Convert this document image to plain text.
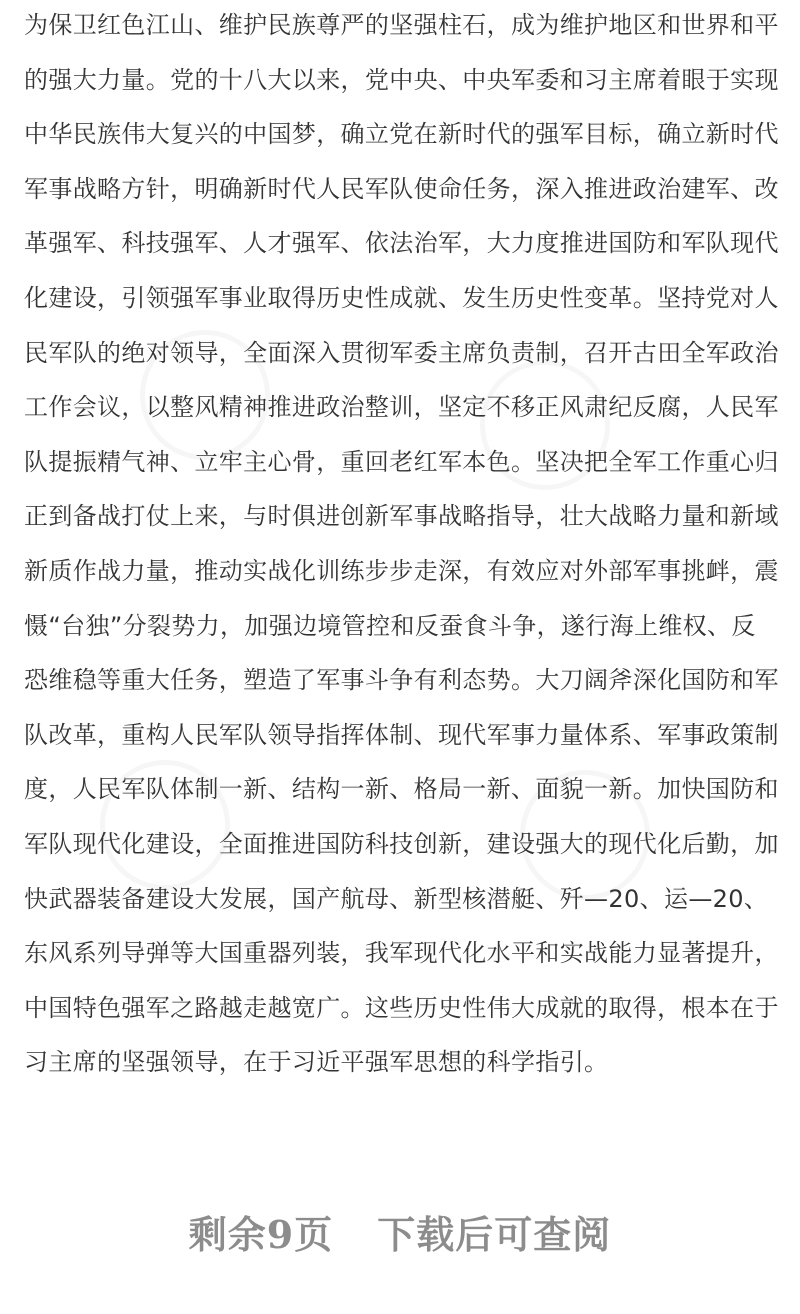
为保卫红色江山、维护民族尊严的坚强柱石，成为维护地区和世界和平
的强大力量。党的十八大以来，党中央、中央军委和习主席着眼于实现
中华民族伟大复兴的中国梦，确立党在新时代的强军目标，确立新时代
军事战略方针，明确新时代人民军队使命任务，深入推进政治建军、改
革强军、科技强军、人才强军、依法治军，大力度推进国防和军队现代
化建设，引领强军事业取得历史性成就、发生历史性变革。坚持党对人
民军队的绝对领导，全面深入贯彻军委主席负责制，召开古田全军政治
工作会议，以整风精神推进政治整训，坚定不移正风肃纪反腐，人民军
队提振精气神、立牢主心骨，重回老红军本色。坚决把全军工作重心归
正到备战打仗上来，与时俱进创新军事战略指导，壮大战略力量和新域
新质作战力量，推动实战化训练步步走深，有效应对外部军事挑衅，震
慑“台独”分裂势力，加强边境管控和反蚕食斗争，遂行海上维权、反
恐维稳等重大任务，塑造了军事斗争有利态势。大刀阔斧深化国防和军
队改革，重构人民军队领导指挥体制、现代军事力量体系、军事政策制
度，人民军队体制一新、结构一新、格局一新、面貌一新。加快国防和
军队现代化建设，全面推进国防科技创新，建设强大的现代化后勤，加
快武器装备建设大发展，国产航母、新型核潜艇、歼—20、运—20、
东风系列导弹等大国重器列装，我军现代化水平和实战能力显著提升，
中国特色强军之路越走越宽广。这些历史性伟大成就的取得，根本在于
习主席的坚强领导，在于习近平强军思想的科学指引。
剩余9页 下载后可查阅
